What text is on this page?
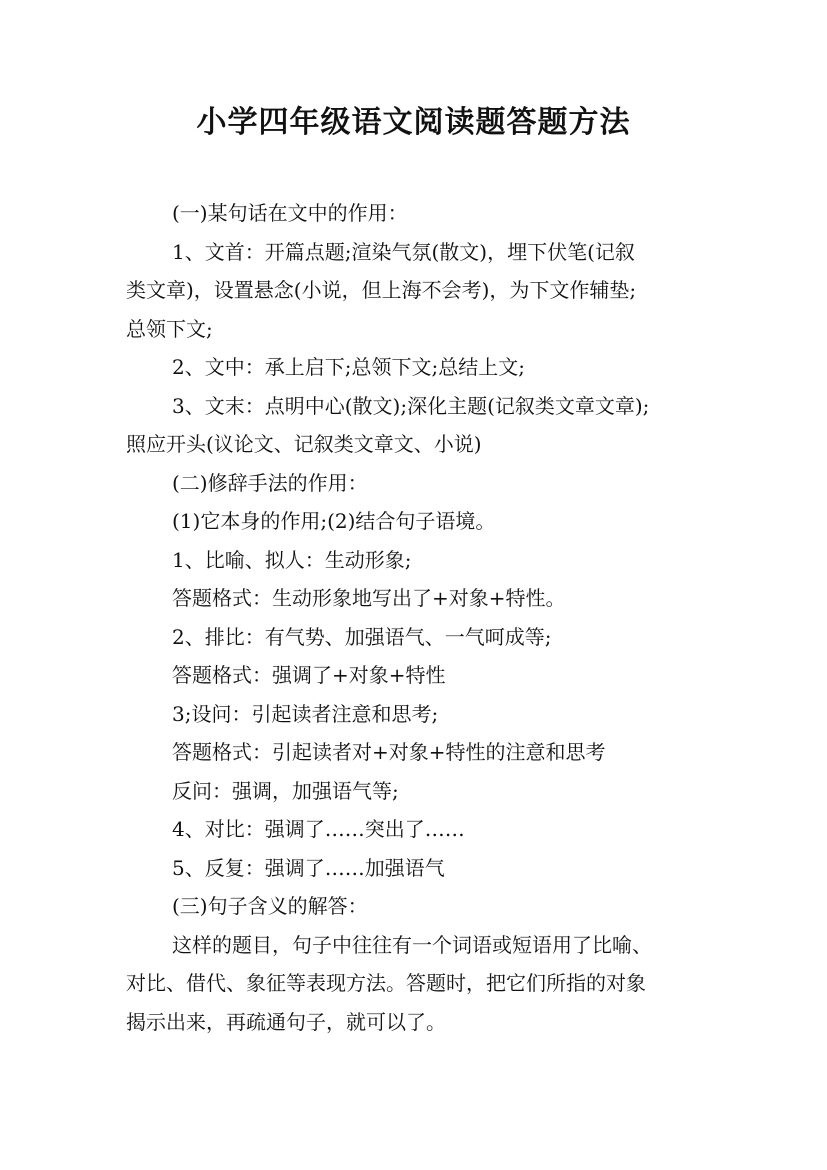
小学四年级语文阅读题答题方法
(一)某句话在文中的作用：
1、文首：开篇点题;渲染气氛(散文)，埋下伏笔(记叙
类文章)，设置悬念(小说，但上海不会考)，为下文作辅垫;
总领下文;
2、文中：承上启下;总领下文;总结上文;
3、文末：点明中心(散文);深化主题(记叙类文章文章);
照应开头(议论文、记叙类文章文、小说)
(二)修辞手法的作用：
(1)它本身的作用;(2)结合句子语境。
1、比喻、拟人：生动形象;
答题格式：生动形象地写出了+对象+特性。
2、排比：有气势、加强语气、一气呵成等;
答题格式：强调了+对象+特性
3;设问：引起读者注意和思考;
答题格式：引起读者对+对象+特性的注意和思考
反问：强调，加强语气等;
4、对比：强调了……突出了……
5、反复：强调了……加强语气
(三)句子含义的解答：
这样的题目，句子中往往有一个词语或短语用了比喻、
对比、借代、象征等表现方法。答题时，把它们所指的对象
揭示出来，再疏通句子，就可以了。
